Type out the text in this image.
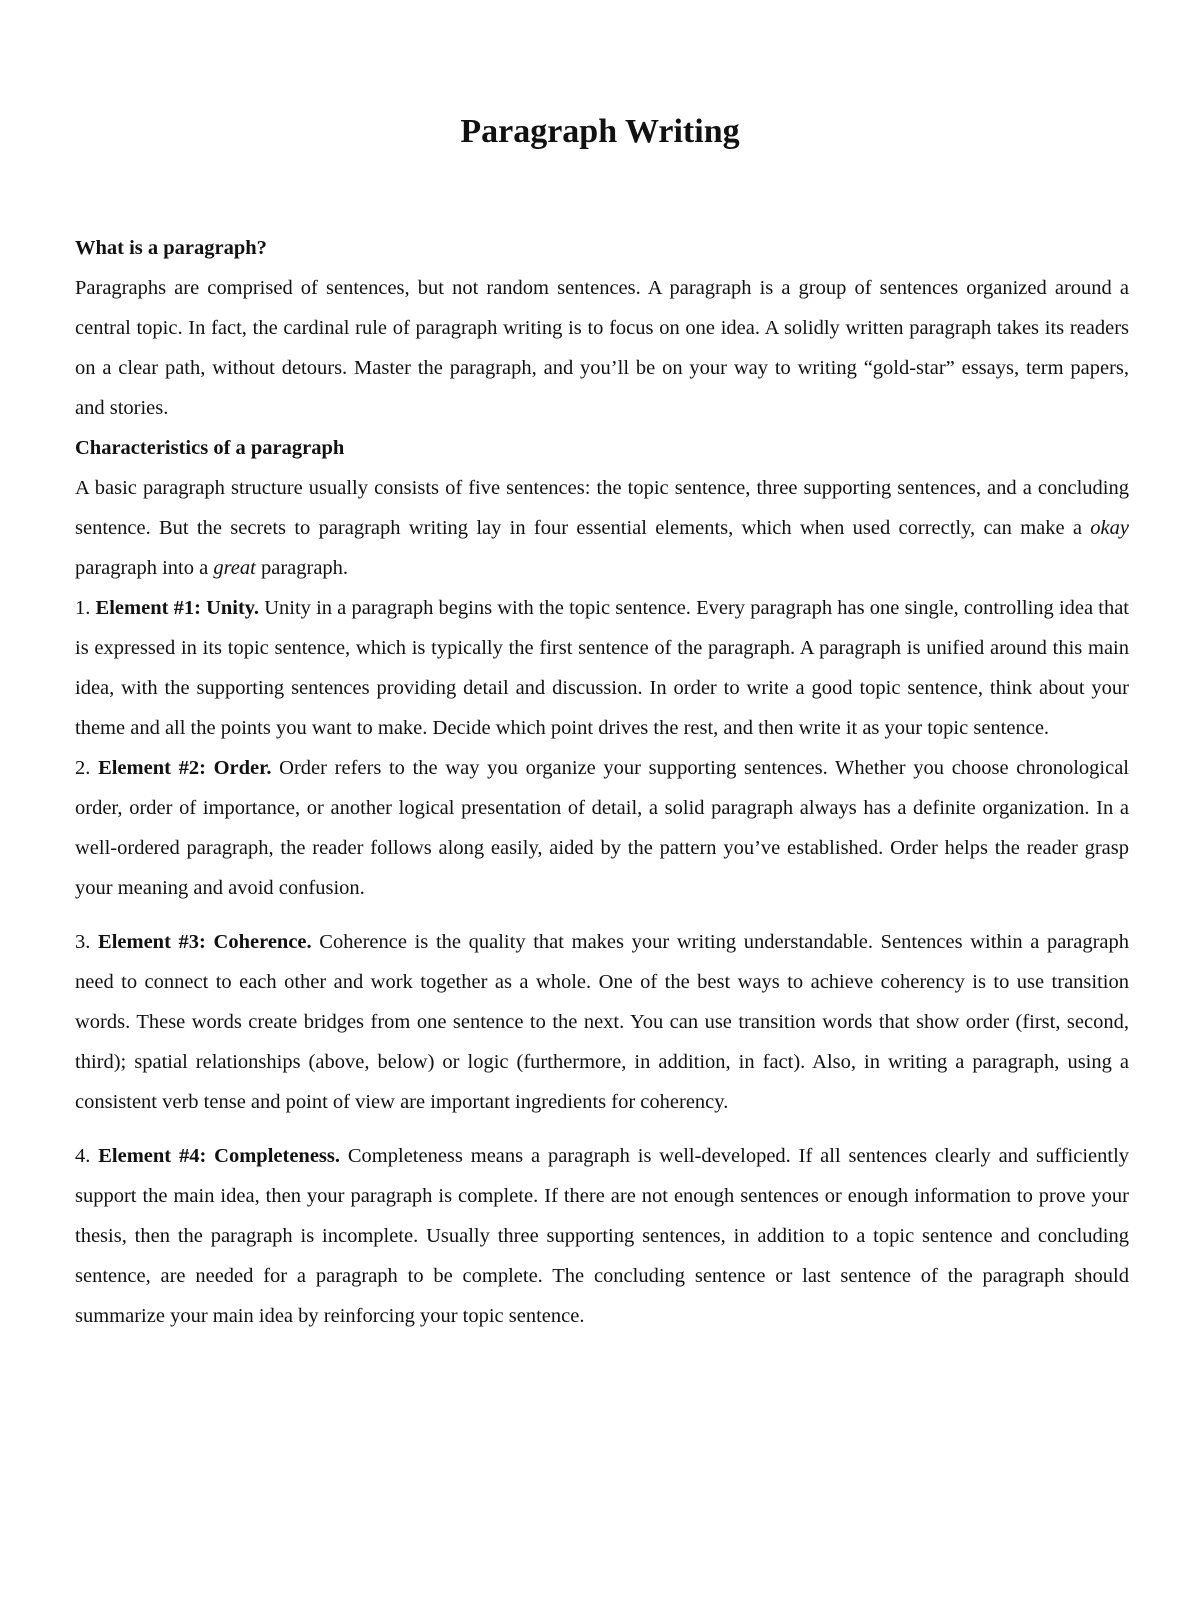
Paragraph Writing

What is a paragraph?

Paragraphs are comprised of sentences, but not random sentences. A paragraph is a group of sentences organized around a central topic. In fact, the cardinal rule of paragraph writing is to focus on one idea. A solidly written paragraph takes its readers on a clear path, without detours. Master the paragraph, and you’ll be on your way to writing “gold-star” essays, term papers, and stories.

Characteristics of a paragraph

A basic paragraph structure usually consists of five sentences: the topic sentence, three supporting sentences, and a concluding sentence. But the secrets to paragraph writing lay in four essential elements, which when used correctly, can make a okay paragraph into a great paragraph.

1. Element #1: Unity. Unity in a paragraph begins with the topic sentence. Every paragraph has one single, controlling idea that is expressed in its topic sentence, which is typically the first sentence of the paragraph. A paragraph is unified around this main idea, with the supporting sentences providing detail and discussion. In order to write a good topic sentence, think about your theme and all the points you want to make. Decide which point drives the rest, and then write it as your topic sentence.

2. Element #2: Order. Order refers to the way you organize your supporting sentences. Whether you choose chronological order, order of importance, or another logical presentation of detail, a solid paragraph always has a definite organization. In a well-ordered paragraph, the reader follows along easily, aided by the pattern you’ve established. Order helps the reader grasp your meaning and avoid confusion.

3. Element #3: Coherence. Coherence is the quality that makes your writing understandable. Sentences within a paragraph need to connect to each other and work together as a whole. One of the best ways to achieve coherency is to use transition words. These words create bridges from one sentence to the next. You can use transition words that show order (first, second, third); spatial relationships (above, below) or logic (furthermore, in addition, in fact). Also, in writing a paragraph, using a consistent verb tense and point of view are important ingredients for coherency.

4. Element #4: Completeness. Completeness means a paragraph is well-developed. If all sentences clearly and sufficiently support the main idea, then your paragraph is complete. If there are not enough sentences or enough information to prove your thesis, then the paragraph is incomplete. Usually three supporting sentences, in addition to a topic sentence and concluding sentence, are needed for a paragraph to be complete. The concluding sentence or last sentence of the paragraph should summarize your main idea by reinforcing your topic sentence.
